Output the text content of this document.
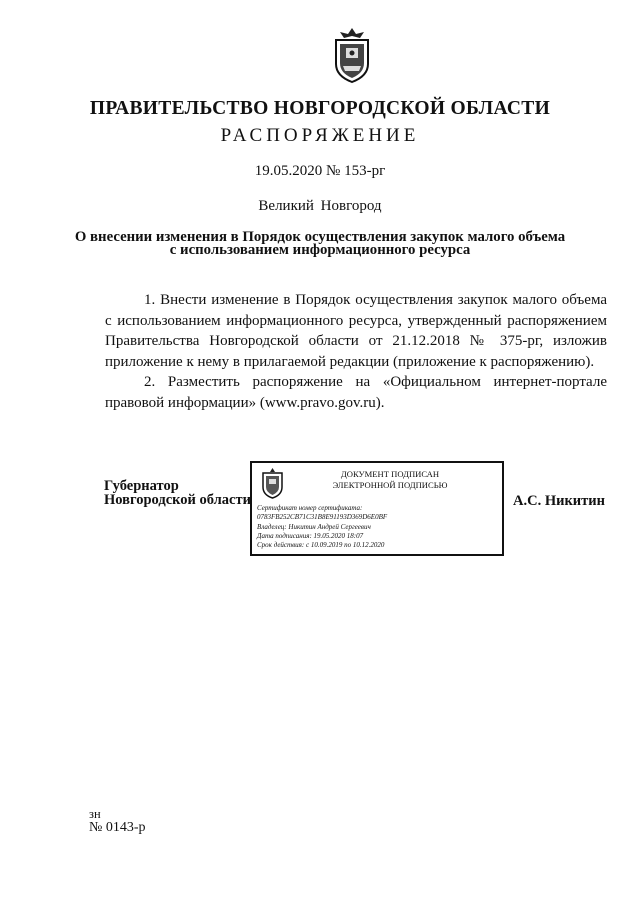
ПРАВИТЕЛЬСТВО НОВГОРОДСКОЙ ОБЛАСТИ
РАСПОРЯЖЕНИЕ
19.05.2020 № 153-рг
Великий Новгород
О внесении изменения в Порядок осуществления закупок малого объема
с использованием информационного ресурса

1. Внести изменение в Порядок осуществления закупок малого объема с использованием информационного ресурса, утвержденный распоряжением Правительства Новгородской области от 21.12.2018 № 375-рг, изложив приложение к нему в прилагаемой редакции (приложение к распоряжению).

2. Разместить распоряжение на «Официальном интернет-портале правовой информации» (www.pravo.gov.ru).

Губернатор
Новгородской области
ДОКУМЕНТ ПОДПИСАН
ЭЛЕКТРОННОЙ ПОДПИСЬЮ
Сертификат номер сертификата:
0783FB252CB71C31B8E91193D369D6E0BF
Владелец: Никитин Андрей Сергеевич
Дата подписания: 19.05.2020 18:07
Срок действия: с 10.09.2019 по 10.12.2020
А.С. Никитин
зн
№ 0143-р
